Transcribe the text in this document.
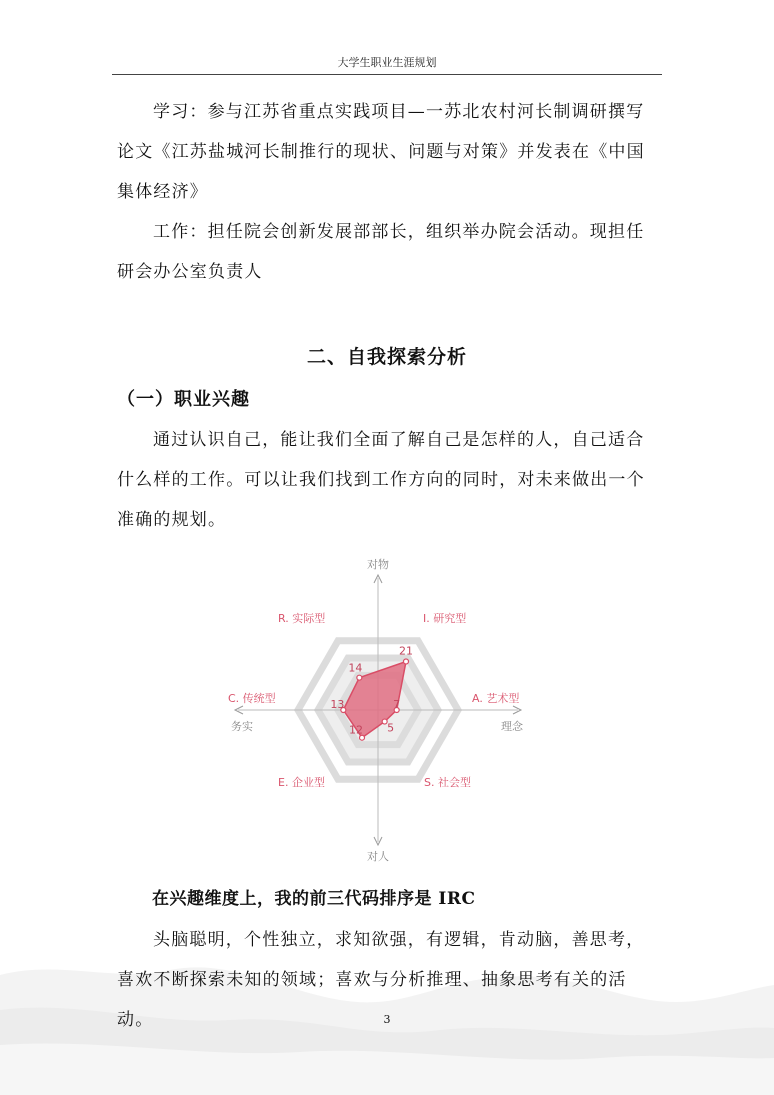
大学生职业生涯规划

学习：参与江苏省重点实践项目—一苏北农村河长制调研撰写论文《江苏盐城河长制推行的现状、问题与对策》并发表在《中国集体经济》

工作：担任院会创新发展部部长，组织举办院会活动。现担任研会办公室负责人

二、自我探索分析
（一）职业兴趣

通过认识自己，能让我们全面了解自己是怎样的人，自己适合什么样的工作。可以让我们找到工作方向的同时，对未来做出一个准确的规划。

14
21
7
5
12
13
R. 实际型	I. 研究型
A. 艺术型
S. 社会型
E. 企业型
C. 传统型
对物
对人
务实	理念
在兴趣维度上，我的前三代码排序是 IRC

头脑聪明，个性独立，求知欲强，有逻辑，肯动脑，善思考，喜欢不断探索未知的领域；喜欢与分析推理、抽象思考有关的活动。	3
